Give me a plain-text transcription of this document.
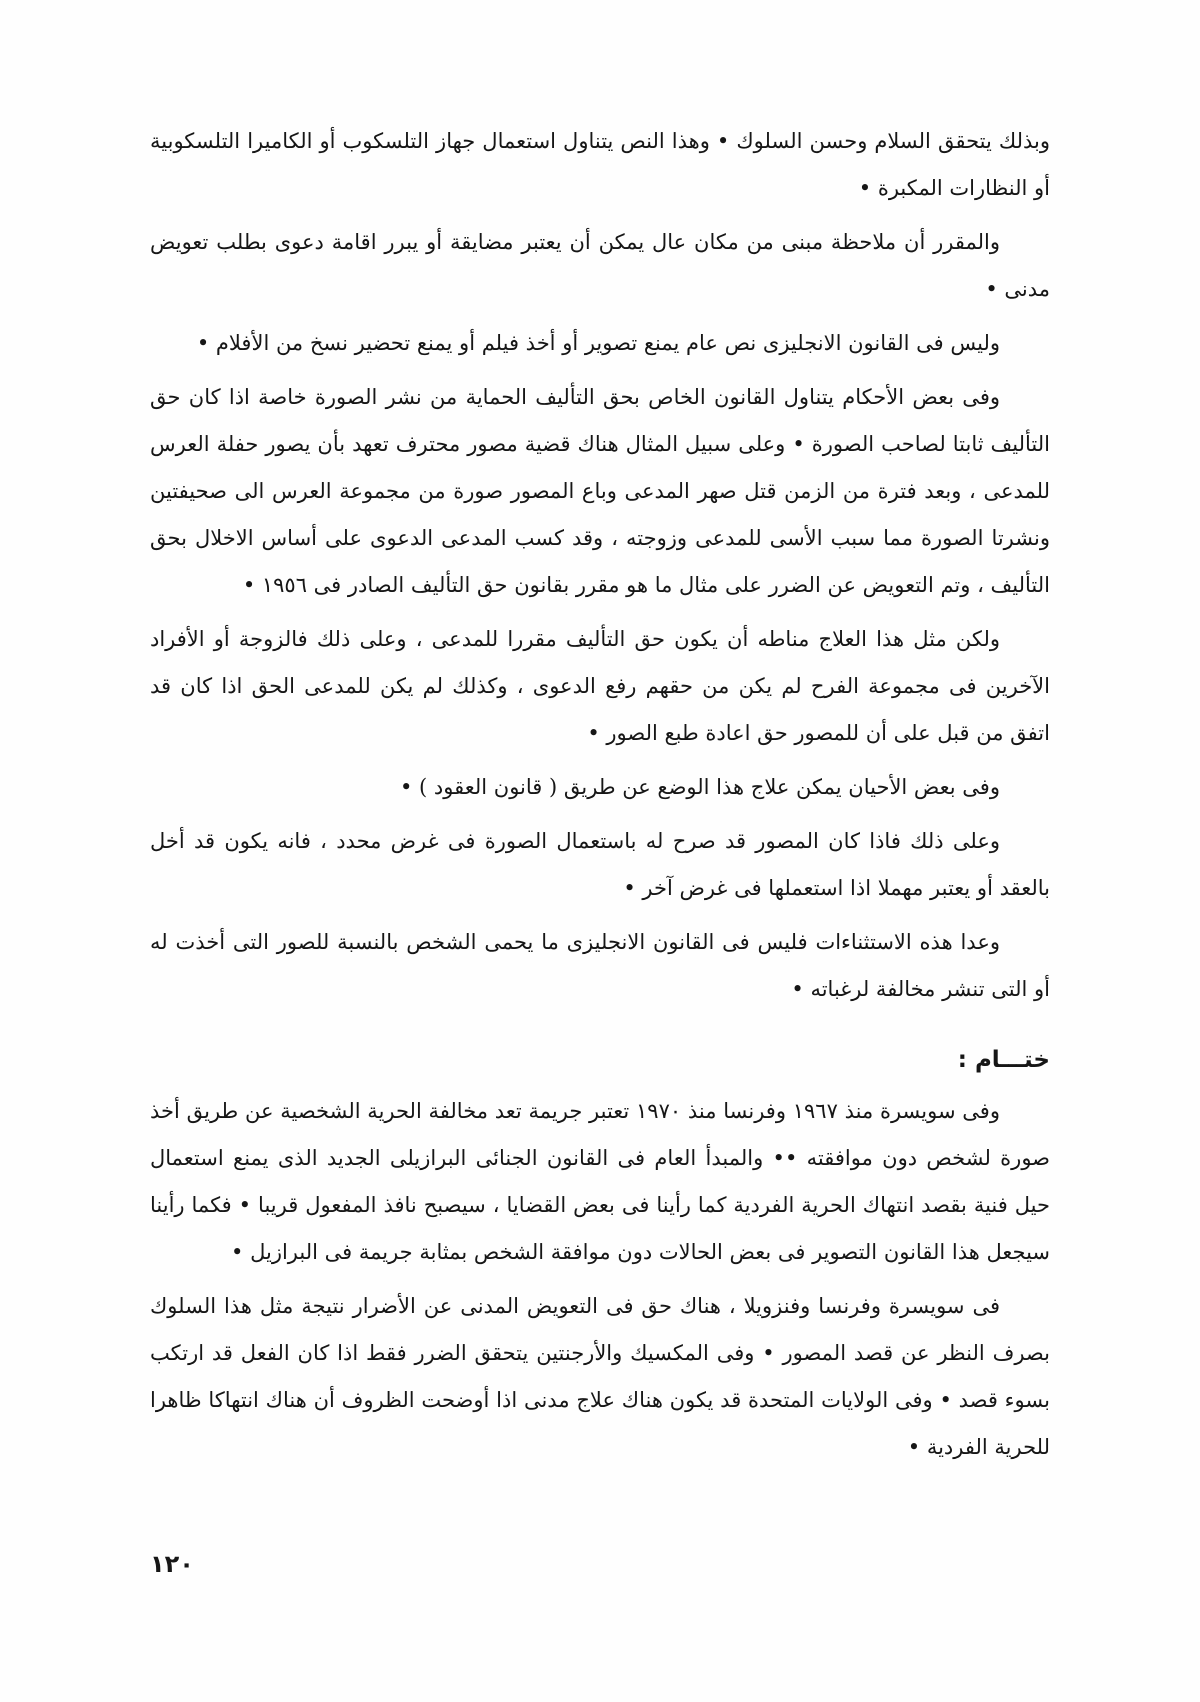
وبذلك يتحقق السلام وحسن السلوك • وهذا النص يتناول استعمال جهاز التلسكوب أو الكاميرا التلسكوبية أو النظارات المكبرة •

والمقرر أن ملاحظة مبنى من مكان عال يمكن أن يعتبر مضايقة أو يبرر اقامة دعوى بطلب تعويض مدنى •

وليس فى القانون الانجليزى نص عام يمنع تصوير أو أخذ فيلم أو يمنع تحضير نسخ من الأفلام •

وفى بعض الأحكام يتناول القانون الخاص بحق التأليف الحماية من نشر الصورة خاصة اذا كان حق التأليف ثابتا لصاحب الصورة • وعلى سبيل المثال هناك قضية مصور محترف تعهد بأن يصور حفلة العرس للمدعى ، وبعد فترة من الزمن قتل صهر المدعى وباع المصور صورة من مجموعة العرس الى صحيفتين ونشرتا الصورة مما سبب الأسى للمدعى وزوجته ، وقد كسب المدعى الدعوى على أساس الاخلال بحق التأليف ، وتم التعويض عن الضرر على مثال ما هو مقرر بقانون حق التأليف الصادر فى ١٩٥٦ •

ولكن مثل هذا العلاج مناطه أن يكون حق التأليف مقررا للمدعى ، وعلى ذلك فالزوجة أو الأفراد الآخرين فى مجموعة الفرح لم يكن من حقهم رفع الدعوى ، وكذلك لم يكن للمدعى الحق اذا كان قد اتفق من قبل على أن للمصور حق اعادة طبع الصور •

وفى بعض الأحيان يمكن علاج هذا الوضع عن طريق ( قانون العقود ) •

وعلى ذلك فاذا كان المصور قد صرح له باستعمال الصورة فى غرض محدد ، فانه يكون قد أخل بالعقد أو يعتبر مهملا اذا استعملها فى غرض آخر •

وعدا هذه الاستثناءات فليس فى القانون الانجليزى ما يحمى الشخص بالنسبة للصور التى أخذت له أو التى تنشر مخالفة لرغباته •

ختـــام :

وفى سويسرة منذ ١٩٦٧ وفرنسا منذ ١٩٧٠ تعتبر جريمة تعد مخالفة الحرية الشخصية عن طريق أخذ صورة لشخص دون موافقته •• والمبدأ العام فى القانون الجنائى البرازيلى الجديد الذى يمنع استعمال حيل فنية بقصد انتهاك الحرية الفردية كما رأينا فى بعض القضايا ، سيصبح نافذ المفعول قريبا • فكما رأينا سيجعل هذا القانون التصوير فى بعض الحالات دون موافقة الشخص بمثابة جريمة فى البرازيل •

فى سويسرة وفرنسا وفنزويلا ، هناك حق فى التعويض المدنى عن الأضرار نتيجة مثل هذا السلوك بصرف النظر عن قصد المصور • وفى المكسيك والأرجنتين يتحقق الضرر فقط اذا كان الفعل قد ارتكب بسوء قصد • وفى الولايات المتحدة قد يكون هناك علاج مدنى اذا أوضحت الظروف أن هناك انتهاكا ظاهرا للحرية الفردية •

١٢٠
